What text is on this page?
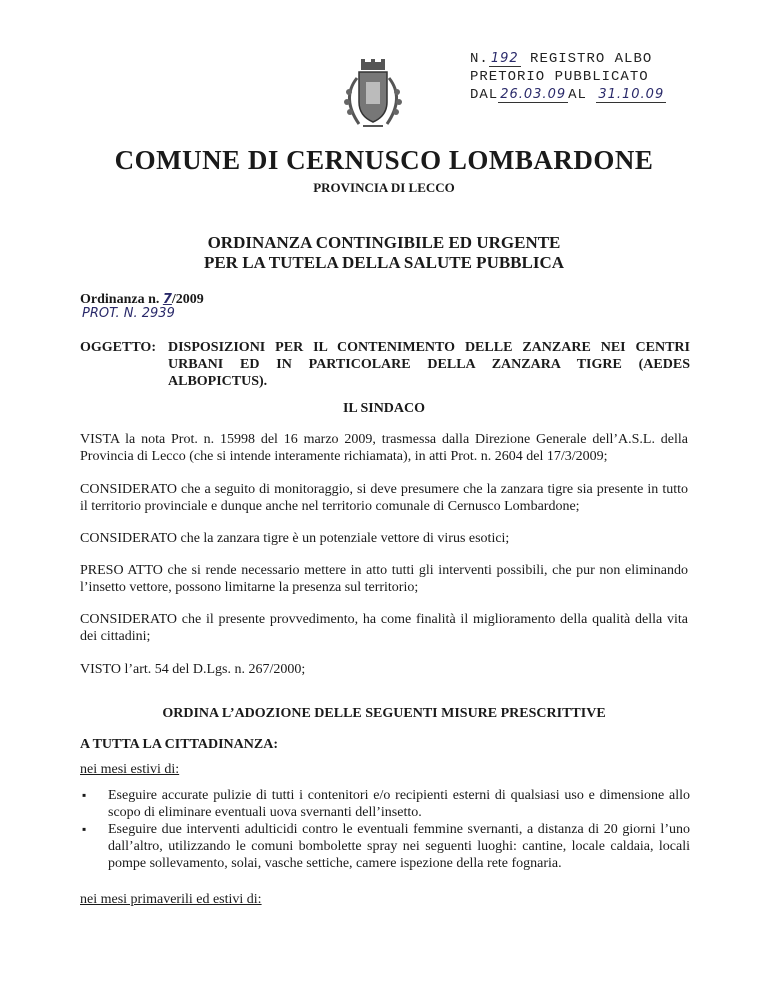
N. 192 REGISTRO ALBO
PRETORIO PUBBLICATO
DAL 26.03.09 AL 31.10.09
COMUNE DI CERNUSCO LOMBARDONE
PROVINCIA DI LECCO
ORDINANZA CONTINGIBILE ED URGENTE
PER LA TUTELA DELLA SALUTE PUBBLICA
Ordinanza n. 7/2009
PROT. N. 2939
OGGETTO: DISPOSIZIONI PER IL CONTENIMENTO DELLE ZANZARE NEI CENTRI URBANI ED IN PARTICOLARE DELLA ZANZARA TIGRE (AEDES ALBOPICTUS).
IL SINDACO
VISTA la nota Prot. n. 15998 del 16 marzo 2009, trasmessa dalla Direzione Generale dell’A.S.L. della Provincia di Lecco (che si intende interamente richiamata), in atti Prot. n. 2604 del 17/3/2009;
CONSIDERATO che a seguito di monitoraggio, si deve presumere che la zanzara tigre sia presente in tutto il territorio provinciale e dunque anche nel territorio comunale di Cernusco Lombardone;
CONSIDERATO che la zanzara tigre è un potenziale vettore di virus esotici;
PRESO ATTO che si rende necessario mettere in atto tutti gli interventi possibili, che pur non eliminando l’insetto vettore, possono limitarne la presenza sul territorio;
CONSIDERATO che il presente provvedimento, ha come finalità il miglioramento della qualità della vita dei cittadini;
VISTO l’art. 54 del D.Lgs. n. 267/2000;
ORDINA L’ADOZIONE DELLE SEGUENTI MISURE PRESCRITTIVE
A TUTTA LA CITTADINANZA:
nei mesi estivi di:
▪ Eseguire accurate pulizie di tutti i contenitori e/o recipienti esterni di qualsiasi uso e dimensione allo scopo di eliminare eventuali uova svernanti dell’insetto.
▪ Eseguire due interventi adulticidi contro le eventuali femmine svernanti, a distanza di 20 giorni l’uno dall’altro, utilizzando le comuni bombolette spray nei seguenti luoghi: cantine, locale caldaia, locali pompe sollevamento, solai, vasche settiche, camere ispezione della rete fognaria.
nei mesi primaverili ed estivi di:
